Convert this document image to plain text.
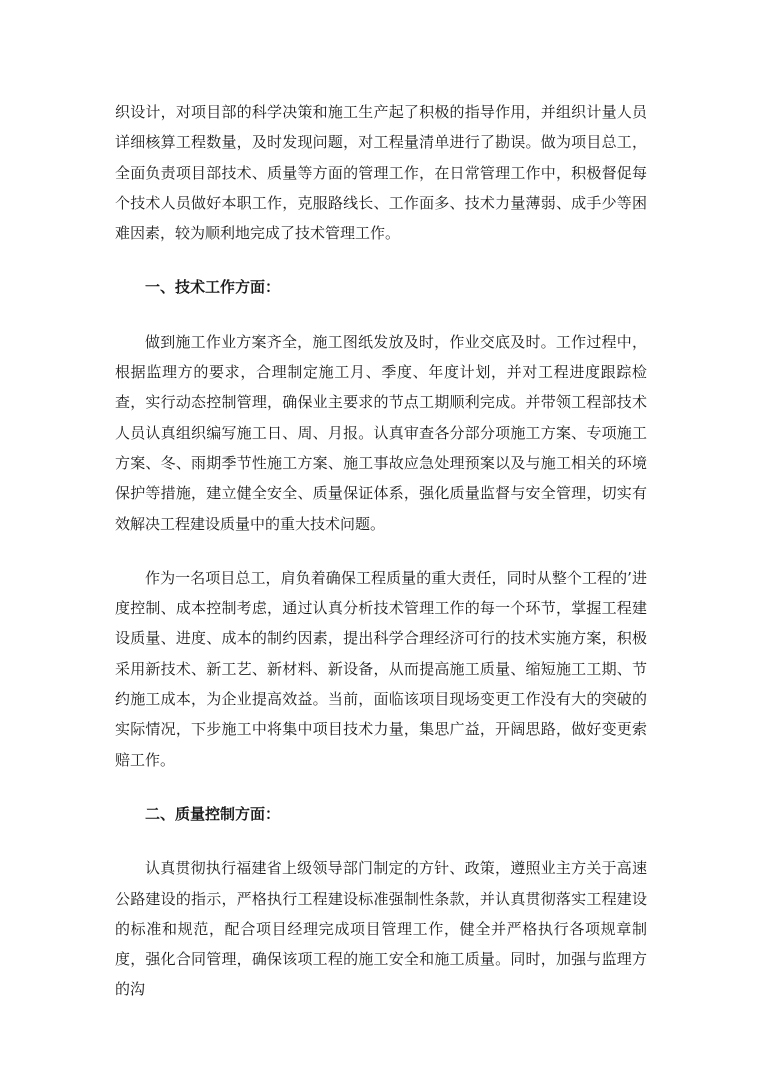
织设计，对项目部的科学决策和施工生产起了积极的指导作用，并组织计量人员详细核算工程数量，及时发现问题，对工程量清单进行了勘误。做为项目总工，全面负责项目部技术、质量等方面的管理工作，在日常管理工作中，积极督促每个技术人员做好本职工作，克服路线长、工作面多、技术力量薄弱、成手少等困难因素，较为顺利地完成了技术管理工作。

一、技术工作方面：

做到施工作业方案齐全，施工图纸发放及时，作业交底及时。工作过程中，根据监理方的要求，合理制定施工月、季度、年度计划，并对工程进度跟踪检查，实行动态控制管理，确保业主要求的节点工期顺利完成。并带领工程部技术人员认真组织编写施工日、周、月报。认真审查各分部分项施工方案、专项施工方案、冬、雨期季节性施工方案、施工事故应急处理预案以及与施工相关的环境保护等措施，建立健全安全、质量保证体系，强化质量监督与安全管理，切实有效解决工程建设质量中的重大技术问题。

作为一名项目总工，肩负着确保工程质量的重大责任，同时从整个工程的’进度控制、成本控制考虑，通过认真分析技术管理工作的每一个环节，掌握工程建设质量、进度、成本的制约因素，提出科学合理经济可行的技术实施方案，积极采用新技术、新工艺、新材料、新设备，从而提高施工质量、缩短施工工期、节约施工成本，为企业提高效益。当前，面临该项目现场变更工作没有大的突破的实际情况，下步施工中将集中项目技术力量，集思广益，开阔思路，做好变更索赔工作。

二、质量控制方面：

认真贯彻执行福建省上级领导部门制定的方针、政策，遵照业主方关于高速公路建设的指示，严格执行工程建设标准强制性条款，并认真贯彻落实工程建设的标准和规范，配合项目经理完成项目管理工作，健全并严格执行各项规章制度，强化合同管理，确保该项工程的施工安全和施工质量。同时，加强与监理方的沟
